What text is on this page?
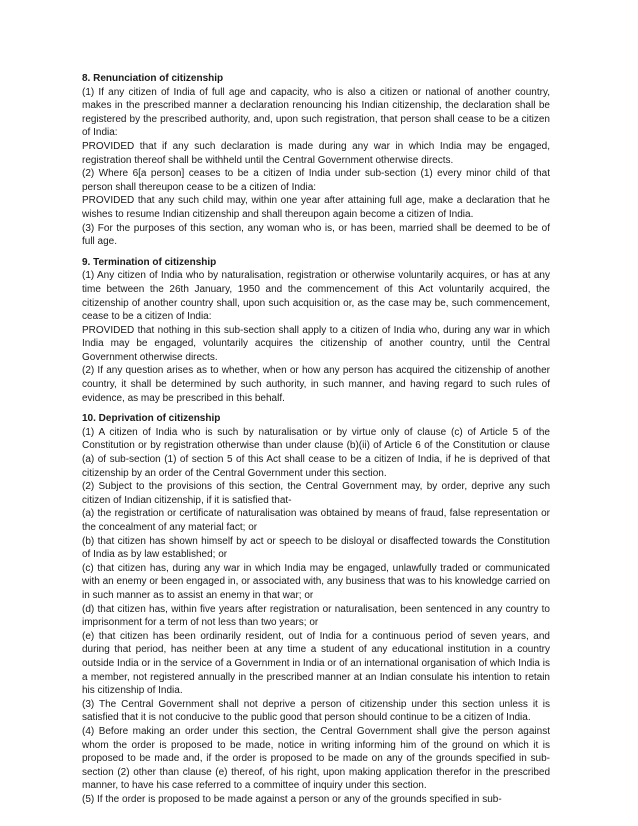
8. Renunciation of citizenship

(1) If any citizen of India of full age and capacity, who is also a citizen or national of another country, makes in the prescribed manner a declaration renouncing his Indian citizenship, the declaration shall be registered by the prescribed authority, and, upon such registration, that person shall cease to be a citizen of India:

PROVIDED that if any such declaration is made during any war in which India may be engaged, registration thereof shall be withheld until the Central Government otherwise directs.

(2) Where 6[a person] ceases to be a citizen of India under sub-section (1) every minor child of that person shall thereupon cease to be a citizen of India:

PROVIDED that any such child may, within one year after attaining full age, make a declaration that he wishes to resume Indian citizenship and shall thereupon again become a citizen of India.

(3) For the purposes of this section, any woman who is, or has been, married shall be deemed to be of full age.

9. Termination of citizenship

(1) Any citizen of India who by naturalisation, registration or otherwise voluntarily acquires, or has at any time between the 26th January, 1950 and the commencement of this Act voluntarily acquired, the citizenship of another country shall, upon such acquisition or, as the case may be, such commencement, cease to be a citizen of India:

PROVIDED that nothing in this sub-section shall apply to a citizen of India who, during any war in which India may be engaged, voluntarily acquires the citizenship of another country, until the Central Government otherwise directs.

(2) If any question arises as to whether, when or how any person has acquired the citizenship of another country, it shall be determined by such authority, in such manner, and having regard to such rules of evidence, as may be prescribed in this behalf.

10. Deprivation of citizenship

(1) A citizen of India who is such by naturalisation or by virtue only of clause (c) of Article 5 of the Constitution or by registration otherwise than under clause (b)(ii) of Article 6 of the Constitution or clause (a) of sub-section (1) of section 5 of this Act shall cease to be a citizen of India, if he is deprived of that citizenship by an order of the Central Government under this section.

(2) Subject to the provisions of this section, the Central Government may, by order, deprive any such citizen of Indian citizenship, if it is satisfied that-

(a) the registration or certificate of naturalisation was obtained by means of fraud, false representation or the concealment of any material fact; or

(b) that citizen has shown himself by act or speech to be disloyal or disaffected towards the Constitution of India as by law established; or

(c) that citizen has, during any war in which India may be engaged, unlawfully traded or communicated with an enemy or been engaged in, or associated with, any business that was to his knowledge carried on in such manner as to assist an enemy in that war; or

(d) that citizen has, within five years after registration or naturalisation, been sentenced in any country to imprisonment for a term of not less than two years; or

(e) that citizen has been ordinarily resident, out of India for a continuous period of seven years, and during that period, has neither been at any time a student of any educational institution in a country outside India or in the service of a Government in India or of an international organisation of which India is a member, not registered annually in the prescribed manner at an Indian consulate his intention to retain his citizenship of India.

(3) The Central Government shall not deprive a person of citizenship under this section unless it is satisfied that it is not conducive to the public good that person should continue to be a citizen of India.

(4) Before making an order under this section, the Central Government shall give the person against whom the order is proposed to be made, notice in writing informing him of the ground on which it is proposed to be made and, if the order is proposed to be made on any of the grounds specified in sub-section (2) other than clause (e) thereof, of his right, upon making application therefor in the prescribed manner, to have his case referred to a committee of inquiry under this section.

(5) If the order is proposed to be made against a person or any of the grounds specified in sub-
